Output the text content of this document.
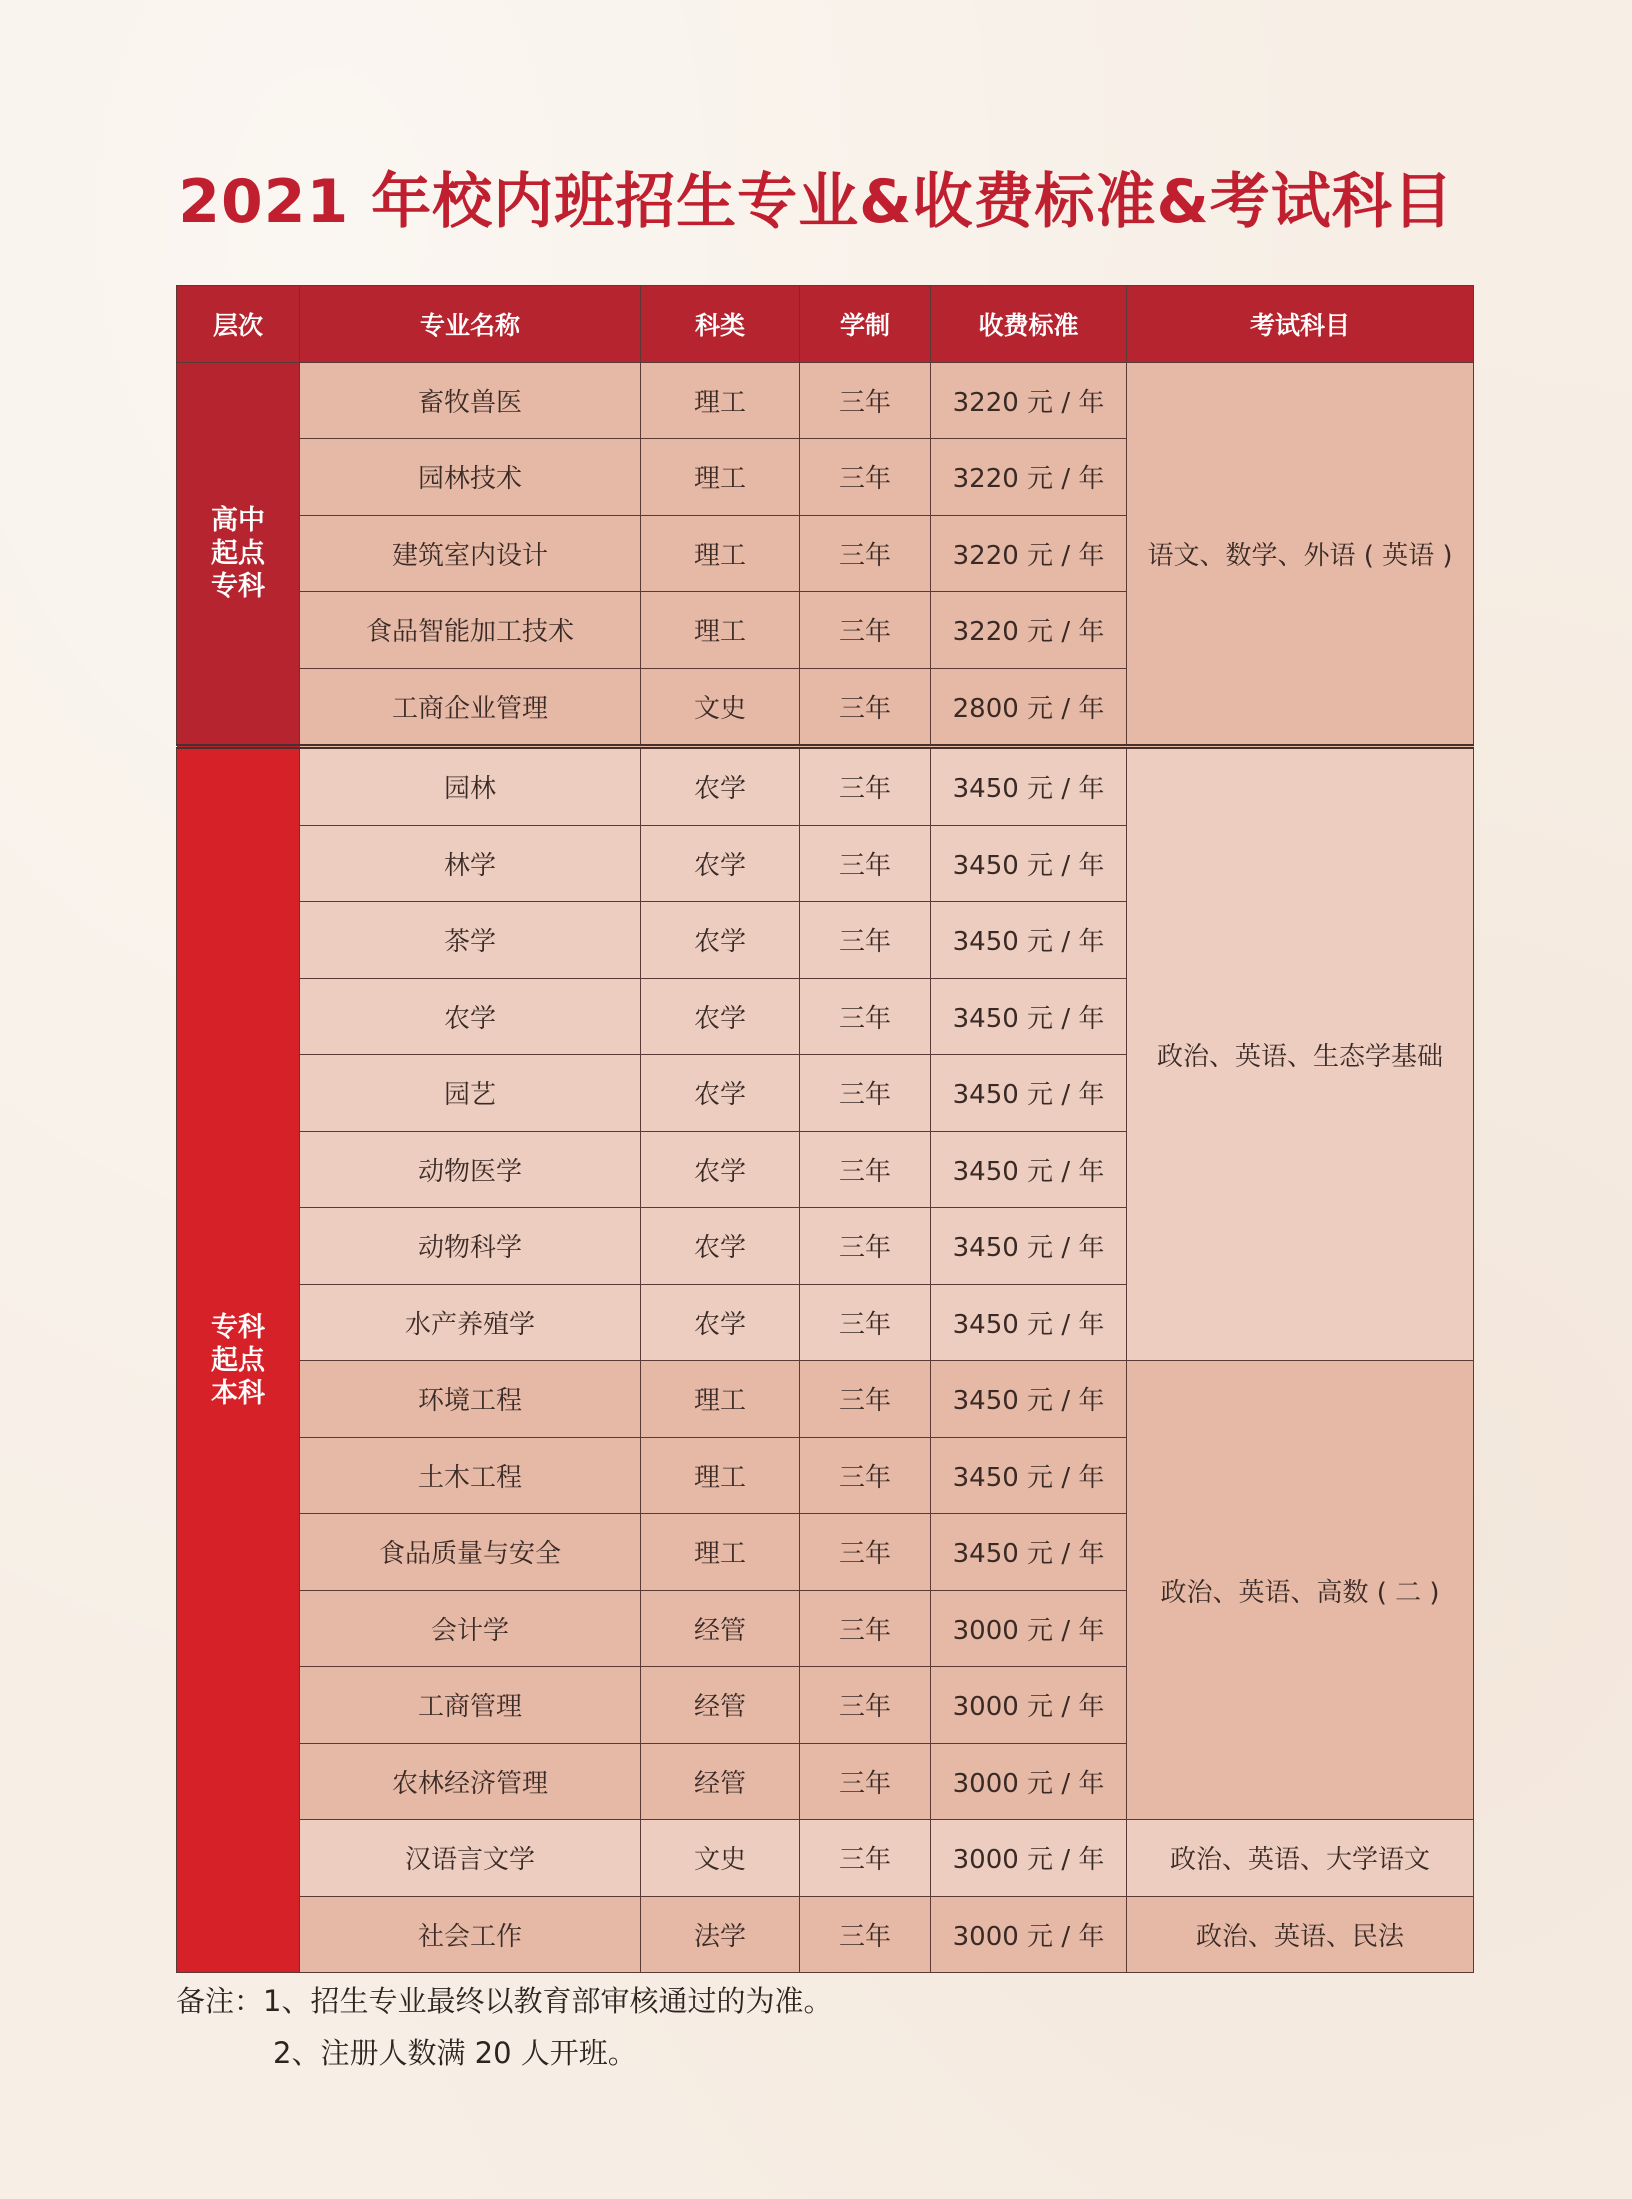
2021 年校内班招生专业&收费标准&考试科目
层次	专业名称	科类	学制	收费标准	考试科目
高中
起点
专科	畜牧兽医	理工	三年	3220 元 / 年	语文、数学、外语 ( 英语 )
	园林技术	理工	三年	3220 元 / 年	
	建筑室内设计	理工	三年	3220 元 / 年	
	食品智能加工技术	理工	三年	3220 元 / 年	
	工商企业管理	文史	三年	2800 元 / 年	
专科
起点
本科	园林	农学	三年	3450 元 / 年	政治、英语、生态学基础
	林学	农学	三年	3450 元 / 年	
	茶学	农学	三年	3450 元 / 年	
	农学	农学	三年	3450 元 / 年	
	园艺	农学	三年	3450 元 / 年	
	动物医学	农学	三年	3450 元 / 年	
	动物科学	农学	三年	3450 元 / 年	
	水产养殖学	农学	三年	3450 元 / 年	
	环境工程	理工	三年	3450 元 / 年	政治、英语、高数 ( 二 )
	土木工程	理工	三年	3450 元 / 年	
	食品质量与安全	理工	三年	3450 元 / 年	
	会计学	经管	三年	3000 元 / 年	
	工商管理	经管	三年	3000 元 / 年	
	农林经济管理	经管	三年	3000 元 / 年	
	汉语言文学	文史	三年	3000 元 / 年	政治、英语、大学语文
	社会工作	法学	三年	3000 元 / 年	政治、英语、民法
备注：1、招生专业最终以教育部审核通过的为准。
2、注册人数满 20 人开班。
